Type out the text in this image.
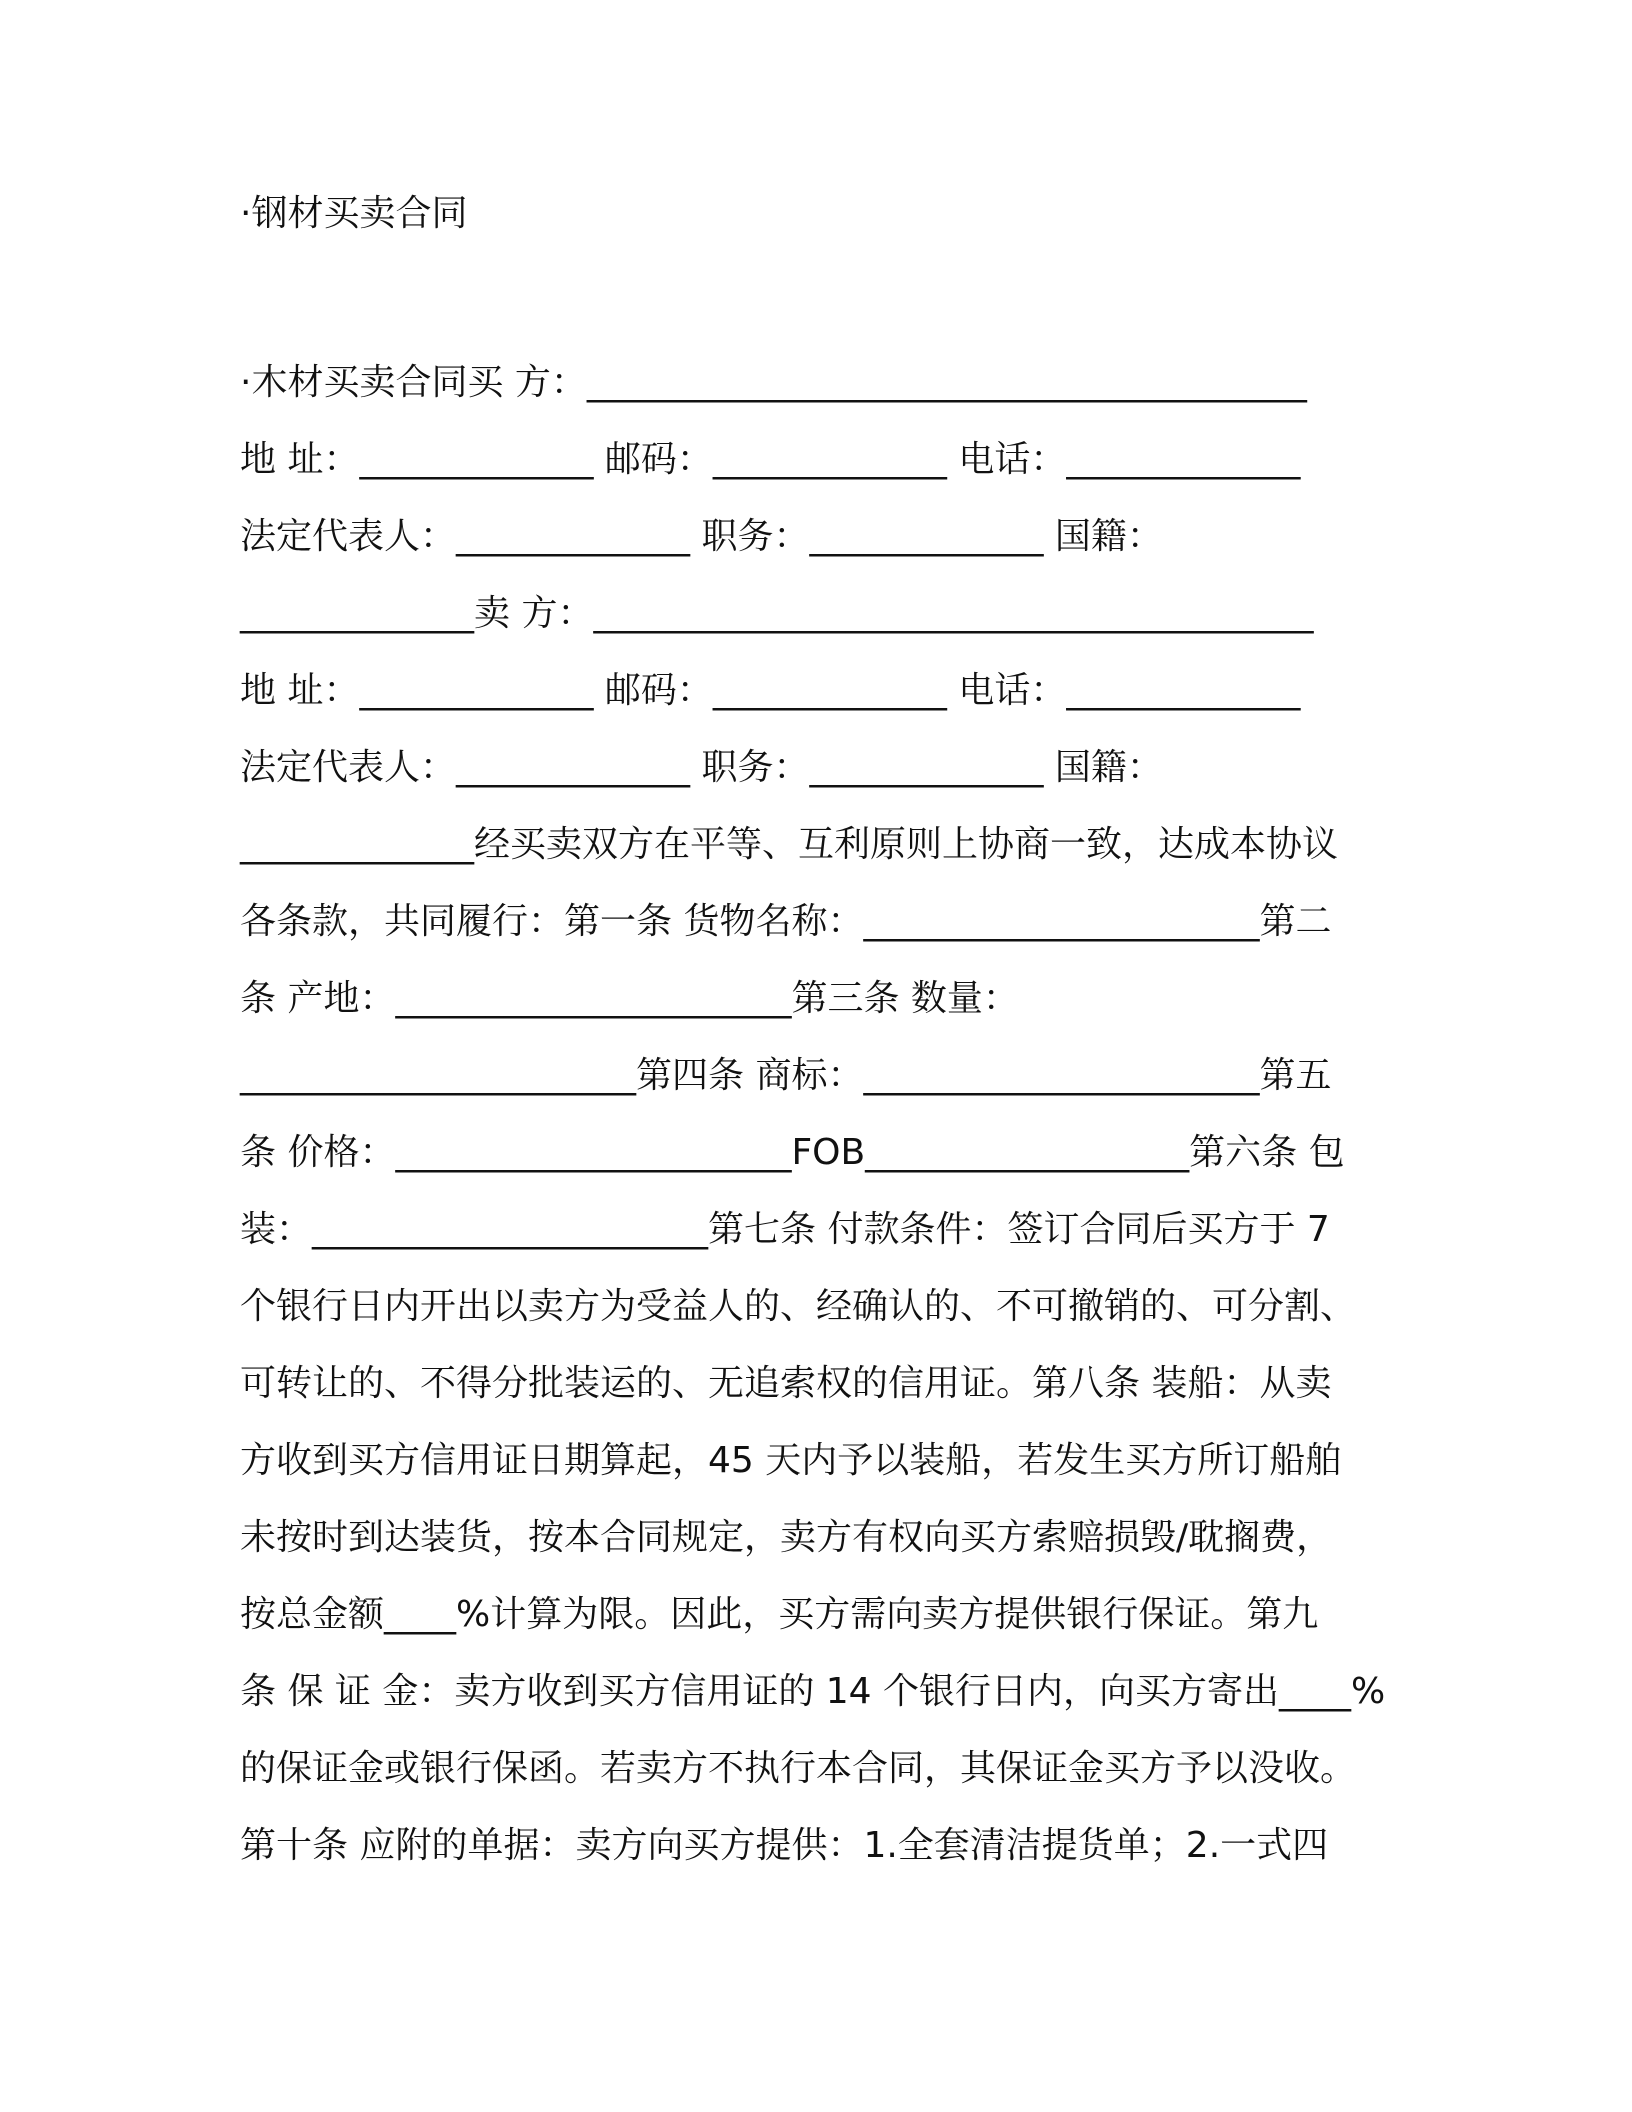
·钢材买卖合同
·木材买卖合同买 方：________________________________________
地 址：_____________ 邮码：_____________ 电话：_____________
法定代表人：_____________ 职务：_____________ 国籍：
_____________卖 方：________________________________________
地 址：_____________ 邮码：_____________ 电话：_____________
法定代表人：_____________ 职务：_____________ 国籍：
_____________经买卖双方在平等、互利原则上协商一致，达成本协议
各条款，共同履行：第一条 货物名称：______________________第二
条 产地：______________________第三条 数量：
______________________第四条 商标：______________________第五
条 价格：______________________FOB__________________第六条 包
装：______________________第七条 付款条件：签订合同后买方于 7
个银行日内开出以卖方为受益人的、经确认的、不可撤销的、可分割、
可转让的、不得分批装运的、无追索权的信用证。第八条 装船：从卖
方收到买方信用证日期算起，45 天内予以装船，若发生买方所订船舶
未按时到达装货，按本合同规定，卖方有权向买方索赔损毁/耽搁费，
按总金额____%计算为限。因此，买方需向卖方提供银行保证。第九
条 保 证 金：卖方收到买方信用证的 14 个银行日内，向买方寄出____%
的保证金或银行保函。若卖方不执行本合同，其保证金买方予以没收。
第十条 应附的单据：卖方向买方提供：1.全套清洁提货单；2.一式四
